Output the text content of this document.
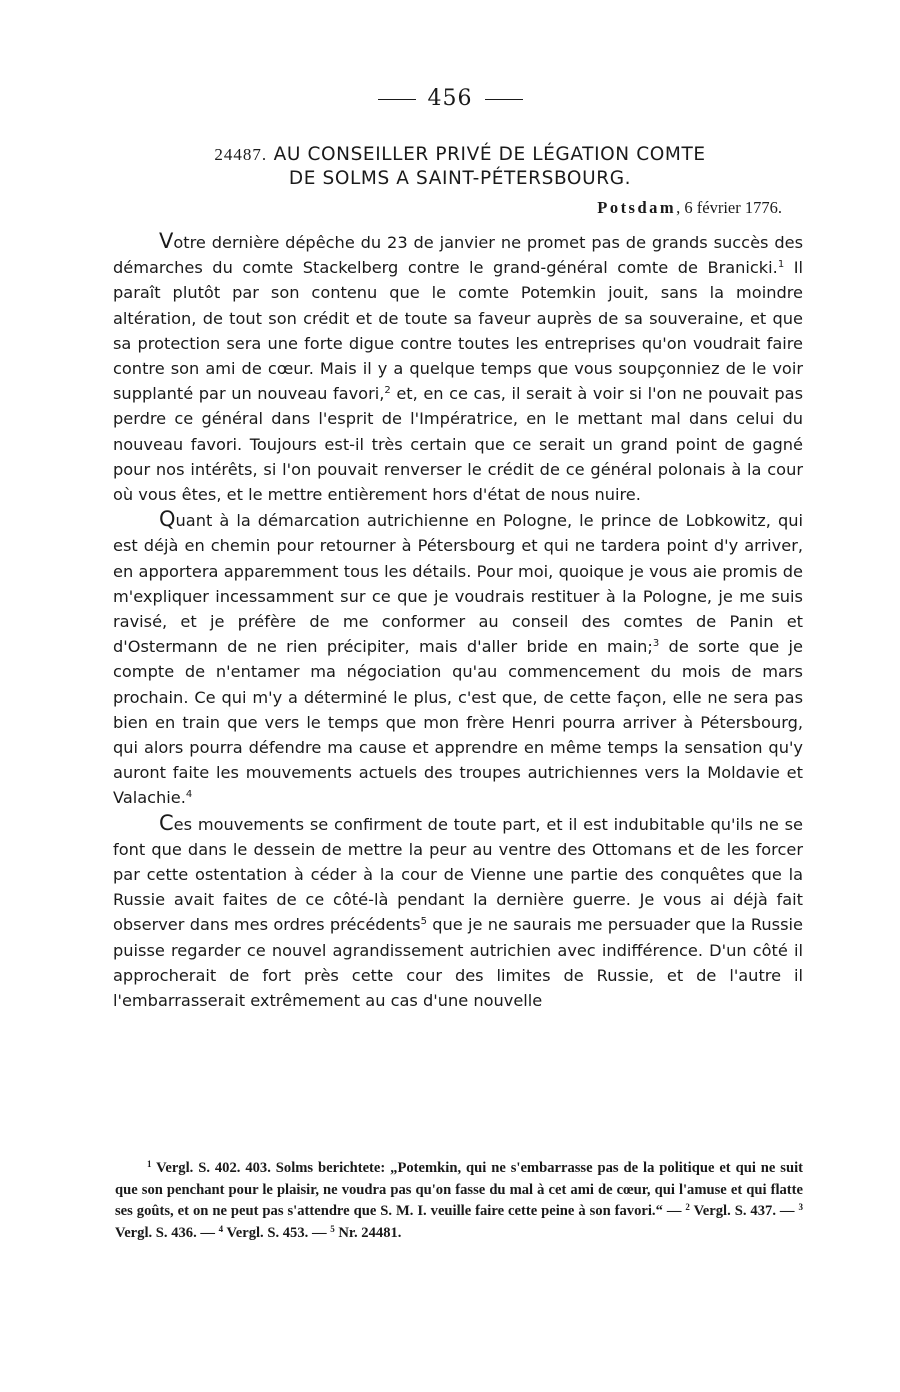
456
24487. AU CONSEILLER PRIVÉ DE LÉGATION COMTE
DE SOLMS A SAINT-PÉTERSBOURG.
Potsdam, 6 février 1776.

Votre dernière dépêche du 23 de janvier ne promet pas de grands succès des démarches du comte Stackelberg contre le grand-général comte de Branicki.$^1$ Il paraît plutôt par son contenu que le comte Potemkin jouit, sans la moindre altération, de tout son crédit et de toute sa faveur auprès de sa souveraine, et que sa protection sera une forte digue contre toutes les entreprises qu'on voudrait faire contre son ami de cœur. Mais il y a quelque temps que vous soupçonniez de le voir supplanté par un nouveau favori,$^2$ et, en ce cas, il serait à voir si l'on ne pouvait pas perdre ce général dans l'esprit de l'Impératrice, en le mettant mal dans celui du nouveau favori. Toujours est-il très certain que ce serait un grand point de gagné pour nos intérêts, si l'on pouvait renverser le crédit de ce général polonais à la cour où vous êtes, et le mettre entièrement hors d'état de nous nuire.

Quant à la démarcation autrichienne en Pologne, le prince de Lobkowitz, qui est déjà en chemin pour retourner à Pétersbourg et qui ne tardera point d'y arriver, en apportera apparemment tous les détails. Pour moi, quoique je vous aie promis de m'expliquer incessamment sur ce que je voudrais restituer à la Pologne, je me suis ravisé, et je préfère de me conformer au conseil des comtes de Panin et d'Ostermann de ne rien précipiter, mais d'aller bride en main;$^3$ de sorte que je compte de n'entamer ma négociation qu'au commencement du mois de mars prochain. Ce qui m'y a déterminé le plus, c'est que, de cette façon, elle ne sera pas bien en train que vers le temps que mon frère Henri pourra arriver à Pétersbourg, qui alors pourra défendre ma cause et apprendre en même temps la sensation qu'y auront faite les mouvements actuels des troupes autrichiennes vers la Moldavie et Valachie.$^4$

Ces mouvements se confirment de toute part, et il est indubitable qu'ils ne se font que dans le dessein de mettre la peur au ventre des Ottomans et de les forcer par cette ostentation à céder à la cour de Vienne une partie des conquêtes que la Russie avait faites de ce côté-là pendant la dernière guerre. Je vous ai déjà fait observer dans mes ordres précédents$^5$ que je ne saurais me persuader que la Russie puisse regarder ce nouvel agrandissement autrichien avec indifférence. D'un côté il approcherait de fort près cette cour des limites de Russie, et de l'autre il l'embarrasserait extrêmement au cas d'une nouvelle

$^1$ Vergl. S. 402. 403. Solms berichtete: „Potemkin, qui ne s'embarrasse pas de la politique et qui ne suit que son penchant pour le plaisir, ne voudra pas qu'on fasse du mal à cet ami de cœur, qui l'amuse et qui flatte ses goûts, et on ne peut pas s'attendre que S. M. I. veuille faire cette peine à son favori.“ — $^2$ Vergl. S. 437. — $^3$ Vergl. S. 436. — $^4$ Vergl. S. 453. — $^5$ Nr. 24481.
